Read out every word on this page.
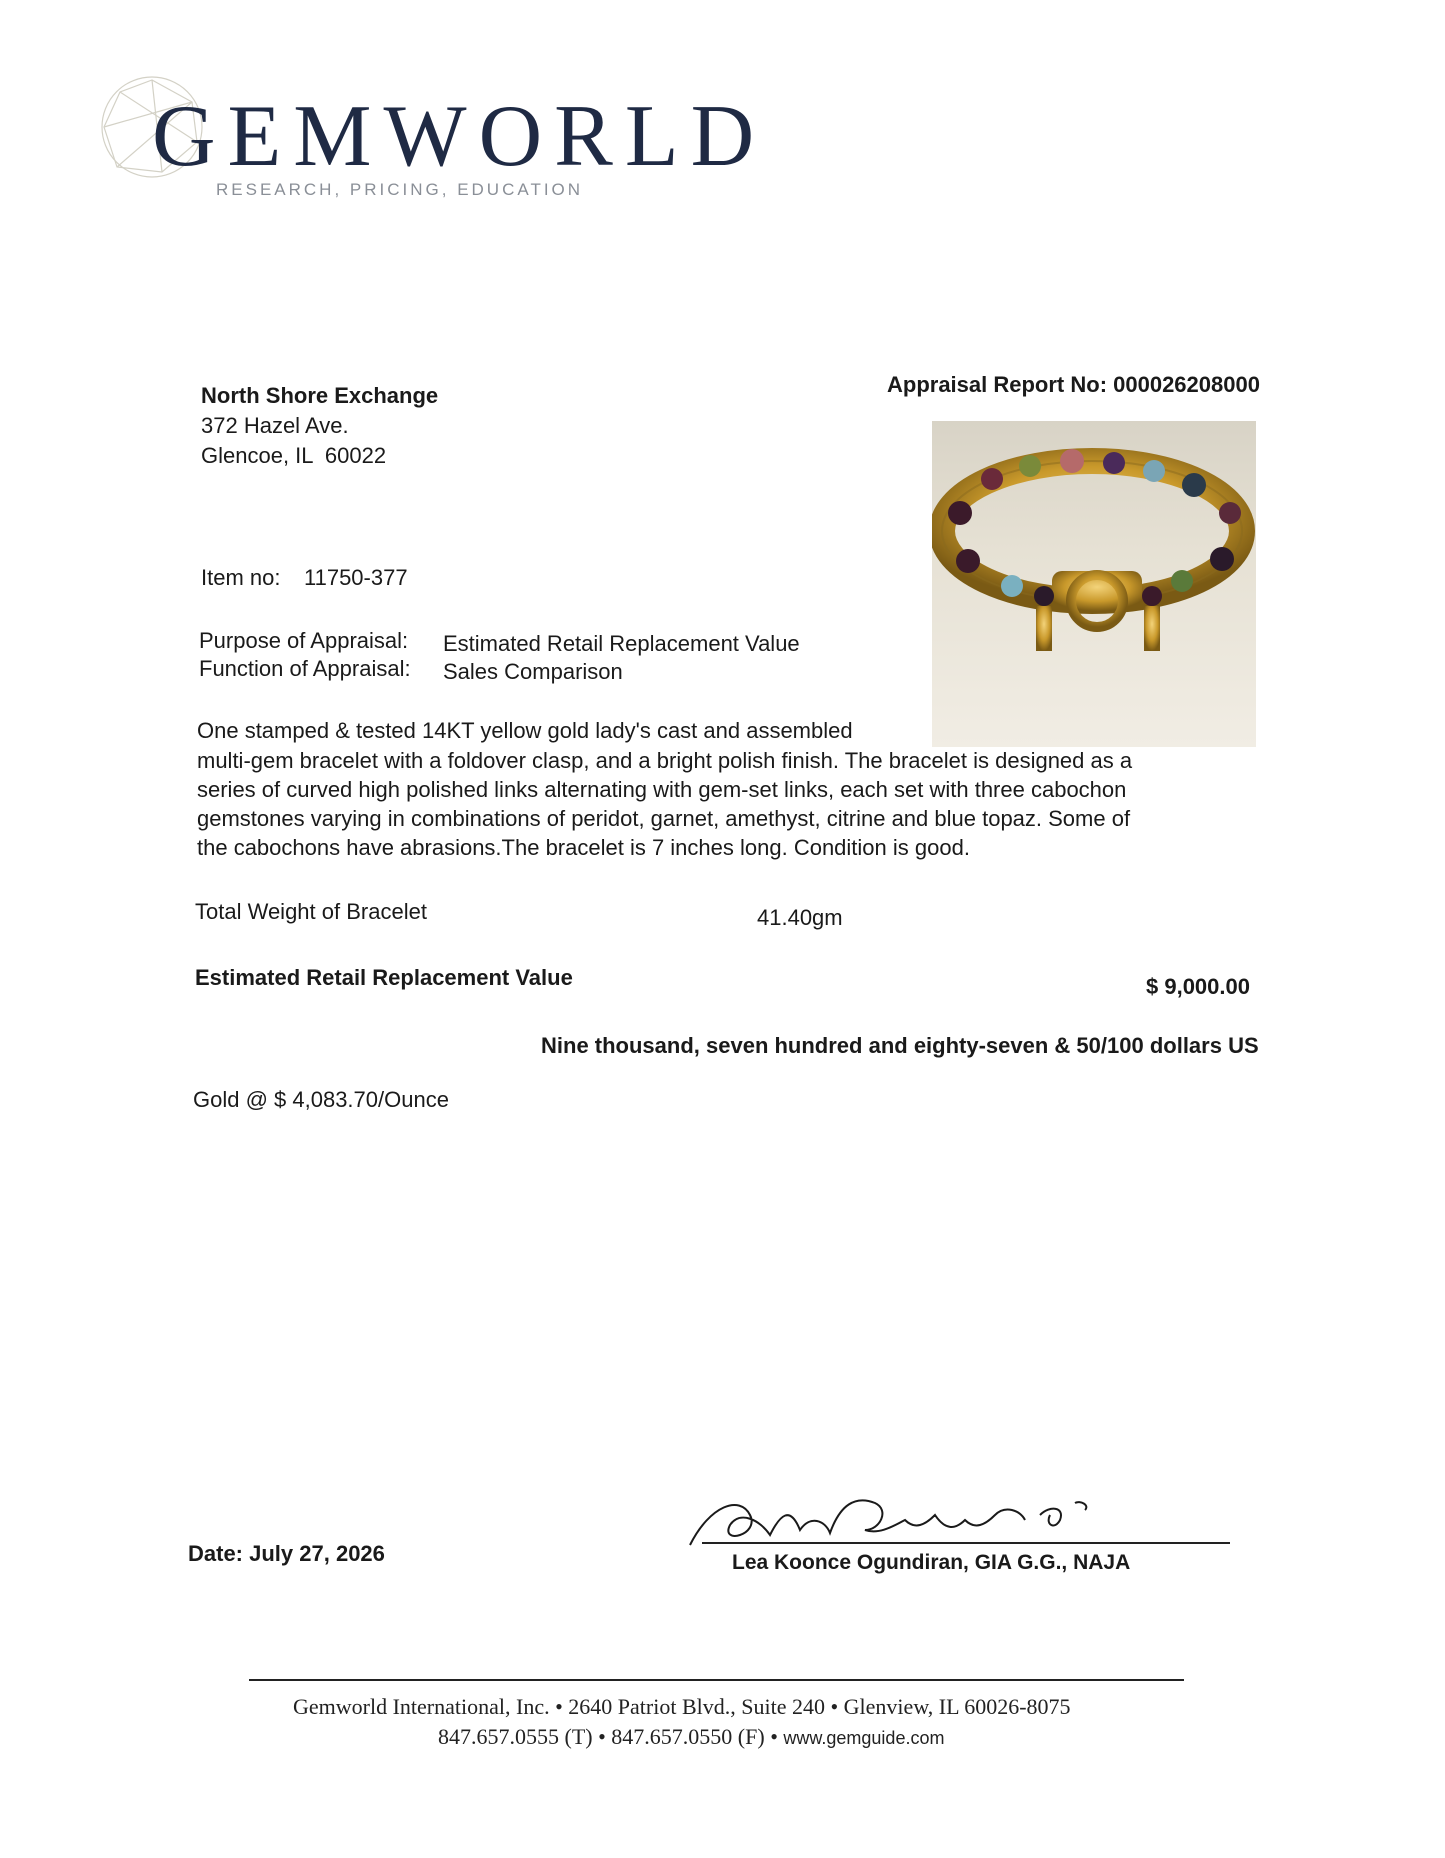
GEMWORLD
RESEARCH, PRICING, EDUCATION
North Shore Exchange
372 Hazel Ave.
Glencoe, IL  60022
Appraisal Report No: 000026208000
Item no: 11750-377
Purpose of Appraisal: Estimated Retail Replacement Value
Function of Appraisal: Sales Comparison
One stamped & tested 14KT yellow gold lady's cast and assembled
multi-gem bracelet with a foldover clasp, and a bright polish finish. The bracelet is designed as a
series of curved high polished links alternating with gem-set links, each set with three cabochon
gemstones varying in combinations of peridot, garnet, amethyst, citrine and blue topaz. Some of
the cabochons have abrasions.The bracelet is 7 inches long. Condition is good.
Total Weight of Bracelet	41.40gm
Estimated Retail Replacement Value	$ 9,000.00
Nine thousand, seven hundred and eighty-seven & 50/100 dollars US
Gold @ $ 4,083.70/Ounce
Date: July 27, 2026	Lea Koonce Ogundiran, GIA G.G., NAJA
Gemworld International, Inc. • 2640 Patriot Blvd., Suite 240 • Glenview, IL 60026-8075
847.657.0555 (T) • 847.657.0550 (F) • www.gemguide.com
